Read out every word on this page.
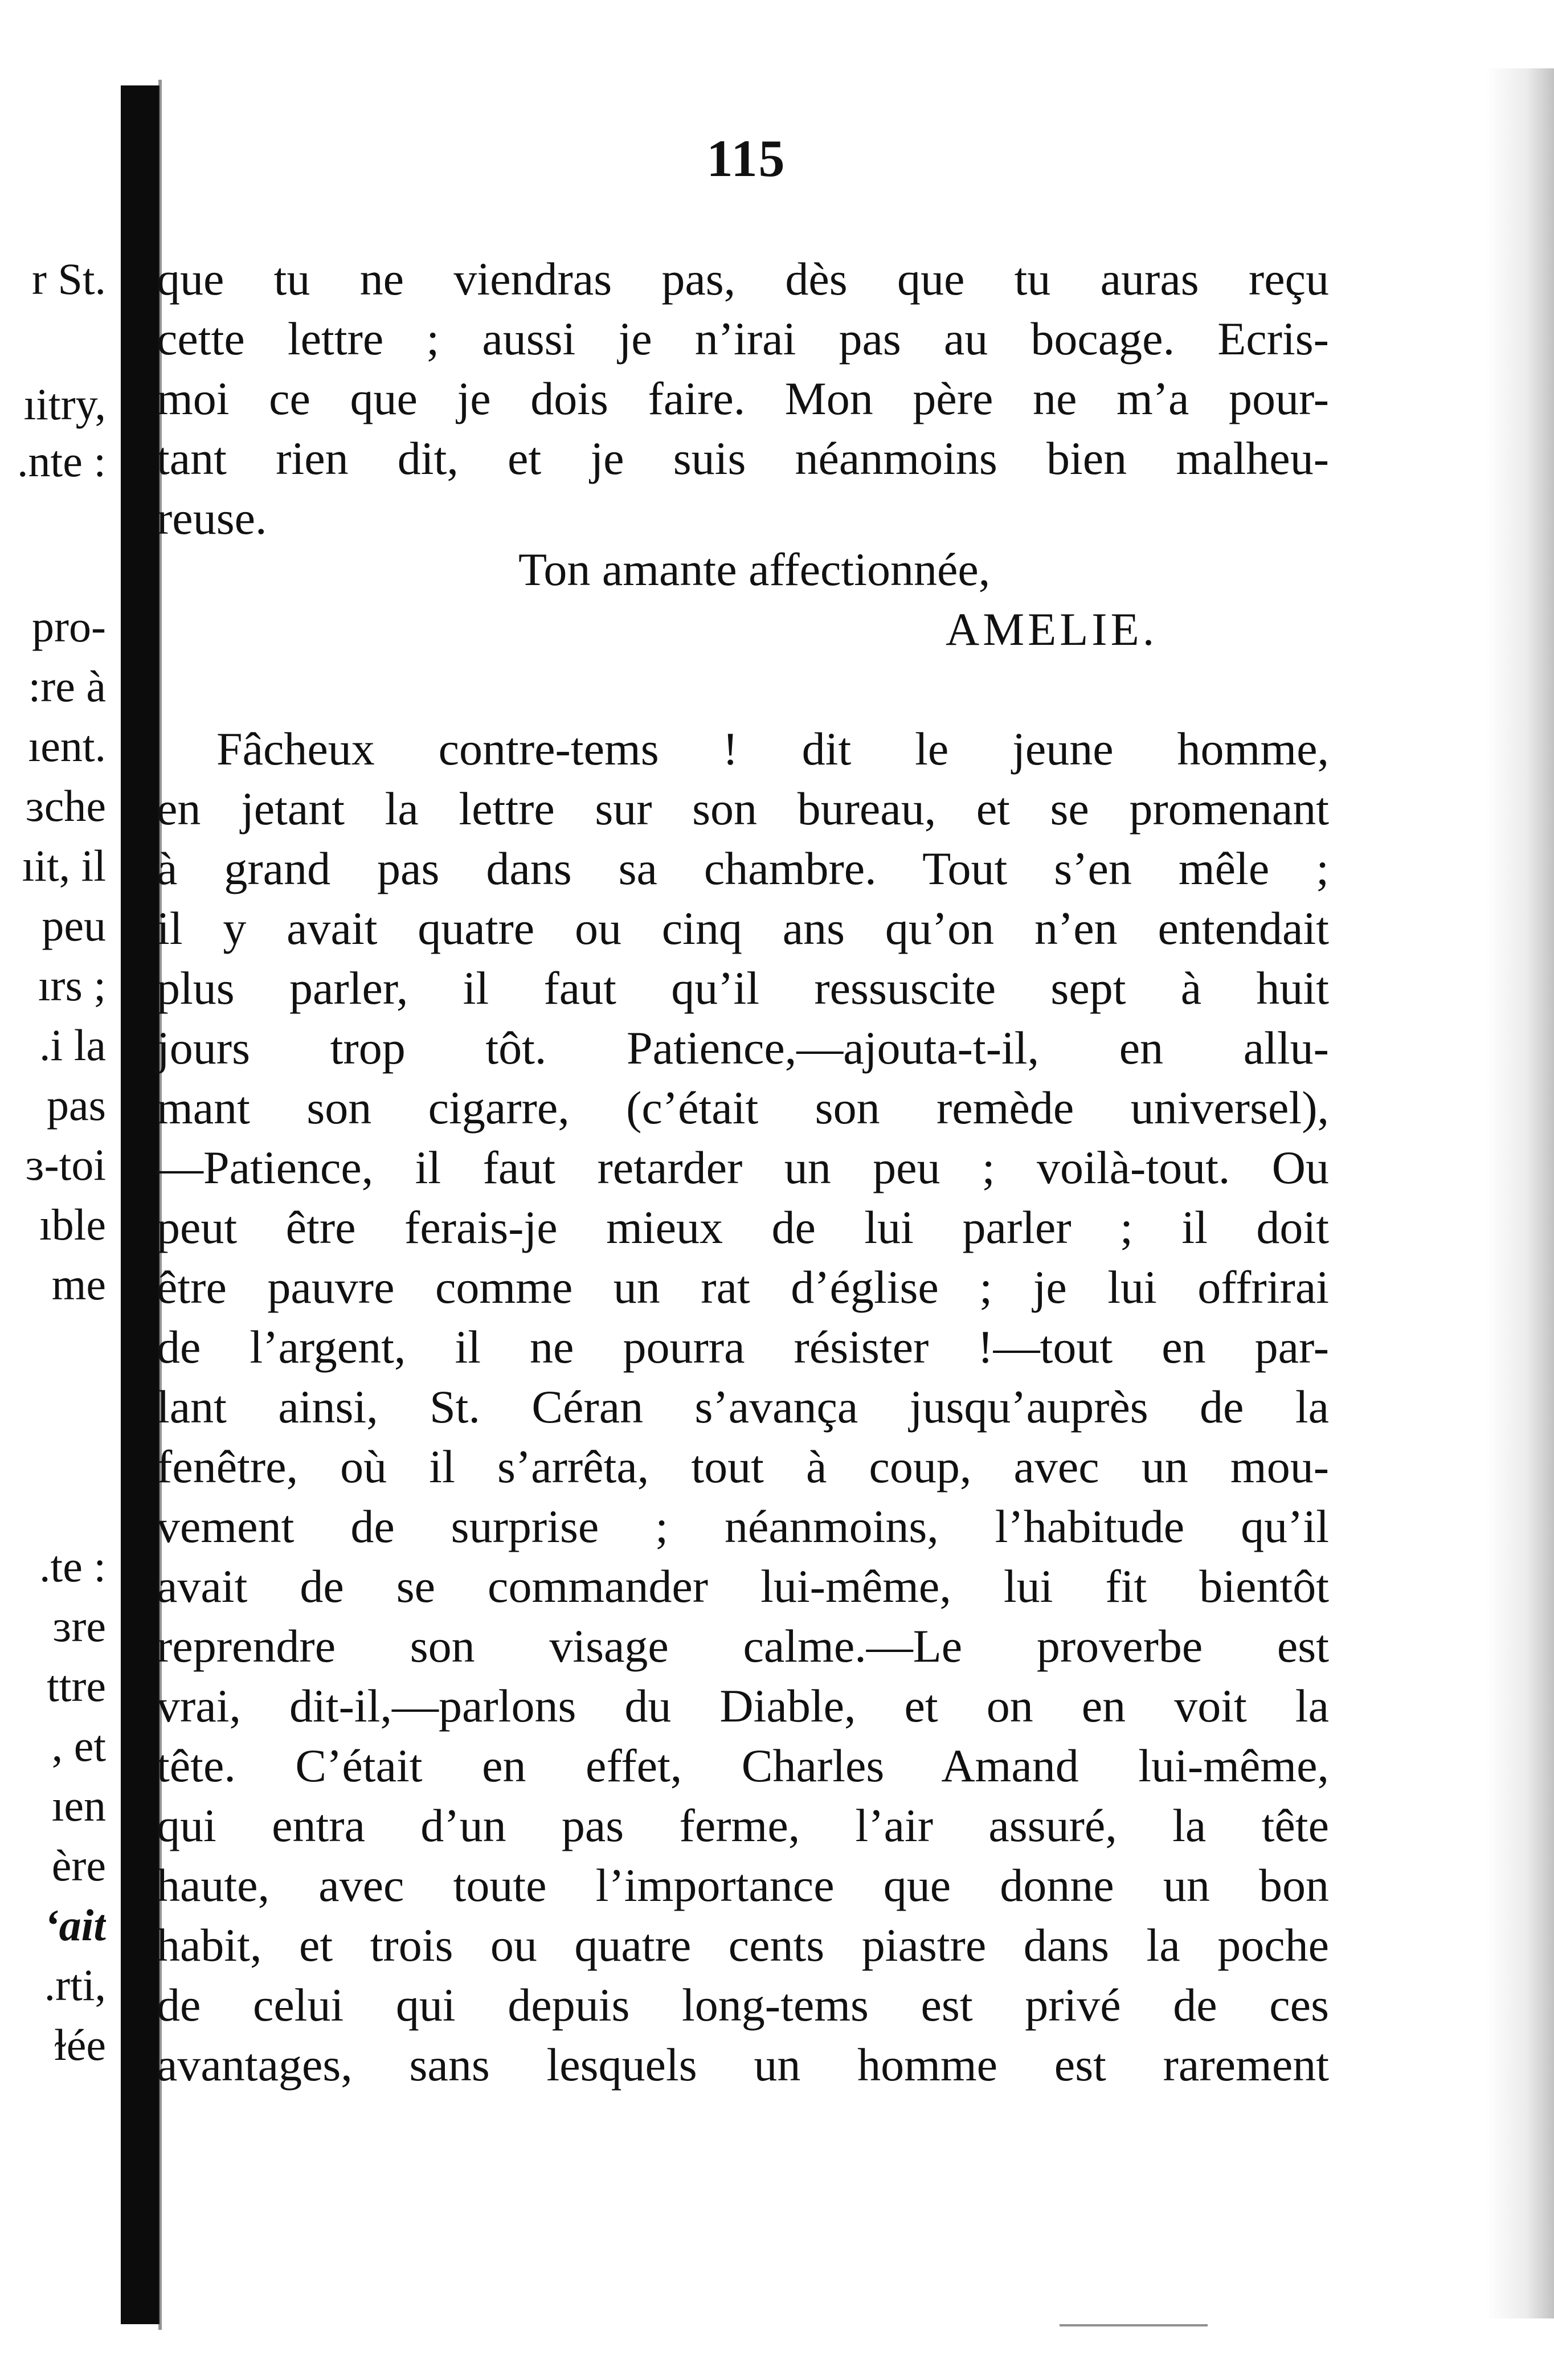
115
r St.
ıitry,
.nte :
pro-
:re à
ıent.
ɜche
ıit, il
peu
ırs ;
.i la
pas
ɜ-toi
ıble
me
.te :
ɜre
ttre
, et
ıen
ère
ʻait
.rti,
ɫée
que tu ne viendras pas, dès que tu auras reçu
cette lettre ; aussi je n’irai pas au bocage. Ecris-
moi ce que je dois faire. Mon père ne m’a pour-
tant rien dit, et je suis néanmoins bien malheu-
reuse.
Ton amante affectionnée,
AMELIE.
Fâcheux contre-tems ! dit le jeune homme,
en jetant la lettre sur son bureau, et se promenant
à grand pas dans sa chambre. Tout s’en mêle ;
il y avait quatre ou cinq ans qu’on n’en entendait
plus parler, il faut qu’il ressuscite sept à huit
jours trop tôt. Patience,—ajouta-t-il, en allu-
mant son cigarre, (c’était son remède universel),
—Patience, il faut retarder un peu ; voilà-tout. Ou
peut être ferais-je mieux de lui parler ; il doit
être pauvre comme un rat d’église ; je lui offrirai
de l’argent, il ne pourra résister !—tout en par-
lant ainsi, St. Céran s’avança jusqu’auprès de la
fenêtre, où il s’arrêta, tout à coup, avec un mou-
vement de surprise ; néanmoins, l’habitude qu’il
avait de se commander lui-même, lui fit bientôt
reprendre son visage calme.—Le proverbe est
vrai, dit-il,—parlons du Diable, et on en voit la
tête. C’était en effet, Charles Amand lui-même,
qui entra d’un pas ferme, l’air assuré, la tête
haute, avec toute l’importance que donne un bon
habit, et trois ou quatre cents piastre dans la poche
de celui qui depuis long-tems est privé de ces
avantages, sans lesquels un homme est rarement
